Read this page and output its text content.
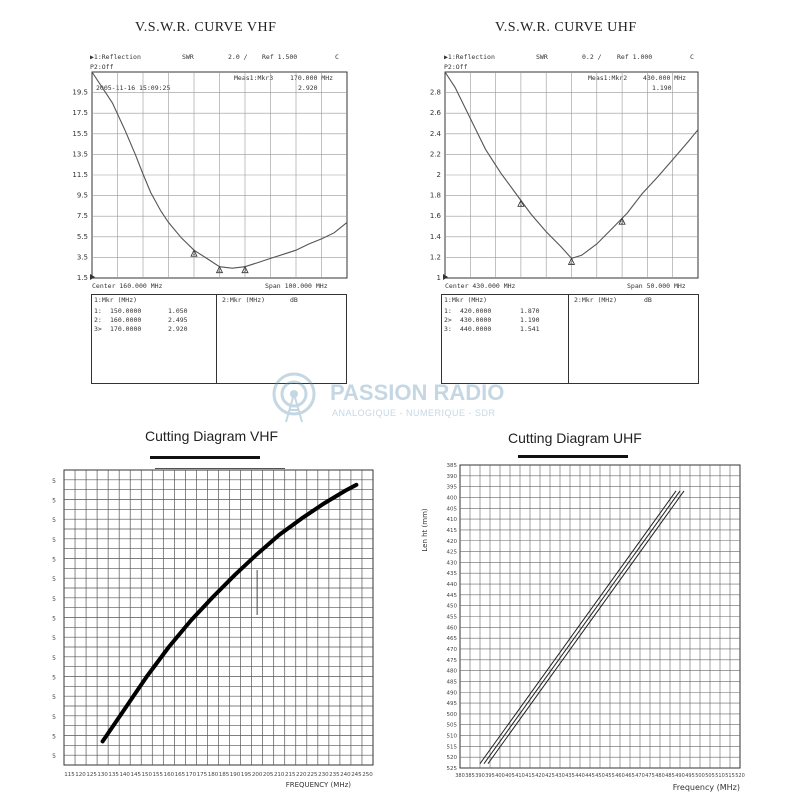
V.S.W.R. CURVE VHF	V.S.W.R. CURVE UHF
Cutting Diagram VHF	Cutting Diagram UHF
▶1:Reflection	SWR	2.0 / Ref 1.500	C
P2:Off
2005-11-16 15:09:25
Meas1:Mkr3	170.000 MHz
2.920
Center 160.000 MHz	Span 100.000 MHz
19.5
17.5
15.5
13.5
11.5
9.5
7.5
5.5
3.5
1.5
1
2	3
1:Mkr (MHz)	2:Mkr (MHz)	dB
1: 150.0000	1.050
2: 160.0000	2.495
3> 170.0000	2.920
▶1:Reflection	SWR	0.2 / Ref 1.000	C
P2:Off
Meas1:Mkr2 430.000 MHz
1.190
Center 430.000 MHz	Span 50.000 MHz
2.8
2.6
2.4
2.2
2
1.8
1.6
1.4
1.2
1
1
2
3
1:Mkr (MHz)	2:Mkr (MHz)	dB
1: 420.0000	1.870
2> 430.0000	1.190
3: 440.0000	1.541
PASSION RADIO
ANALOGIQUE - NUMERIQUE - SDR
5
5
5
5
5
5
5
5
5
5
5
5
5
5
5
115 120 125 130 135 140 145 150 155 160 165 170 175 180 185 190 195 200 205 210 215 220 225 230 235 240 245 250
FREQUENCY (MHz)
385
390
395
400
405
410
415
420
425
430
435
440
445
450
455
460
465
470
475
480
485
490
495
500
505
510
515
520
525
380 385 390 395 400 405 410 415 420 425 430 435 440 445 450 455 460 465 470 475 480 485 490 495 500 505 510 515 520
Frequency (MHz)
Len ht (mm)
